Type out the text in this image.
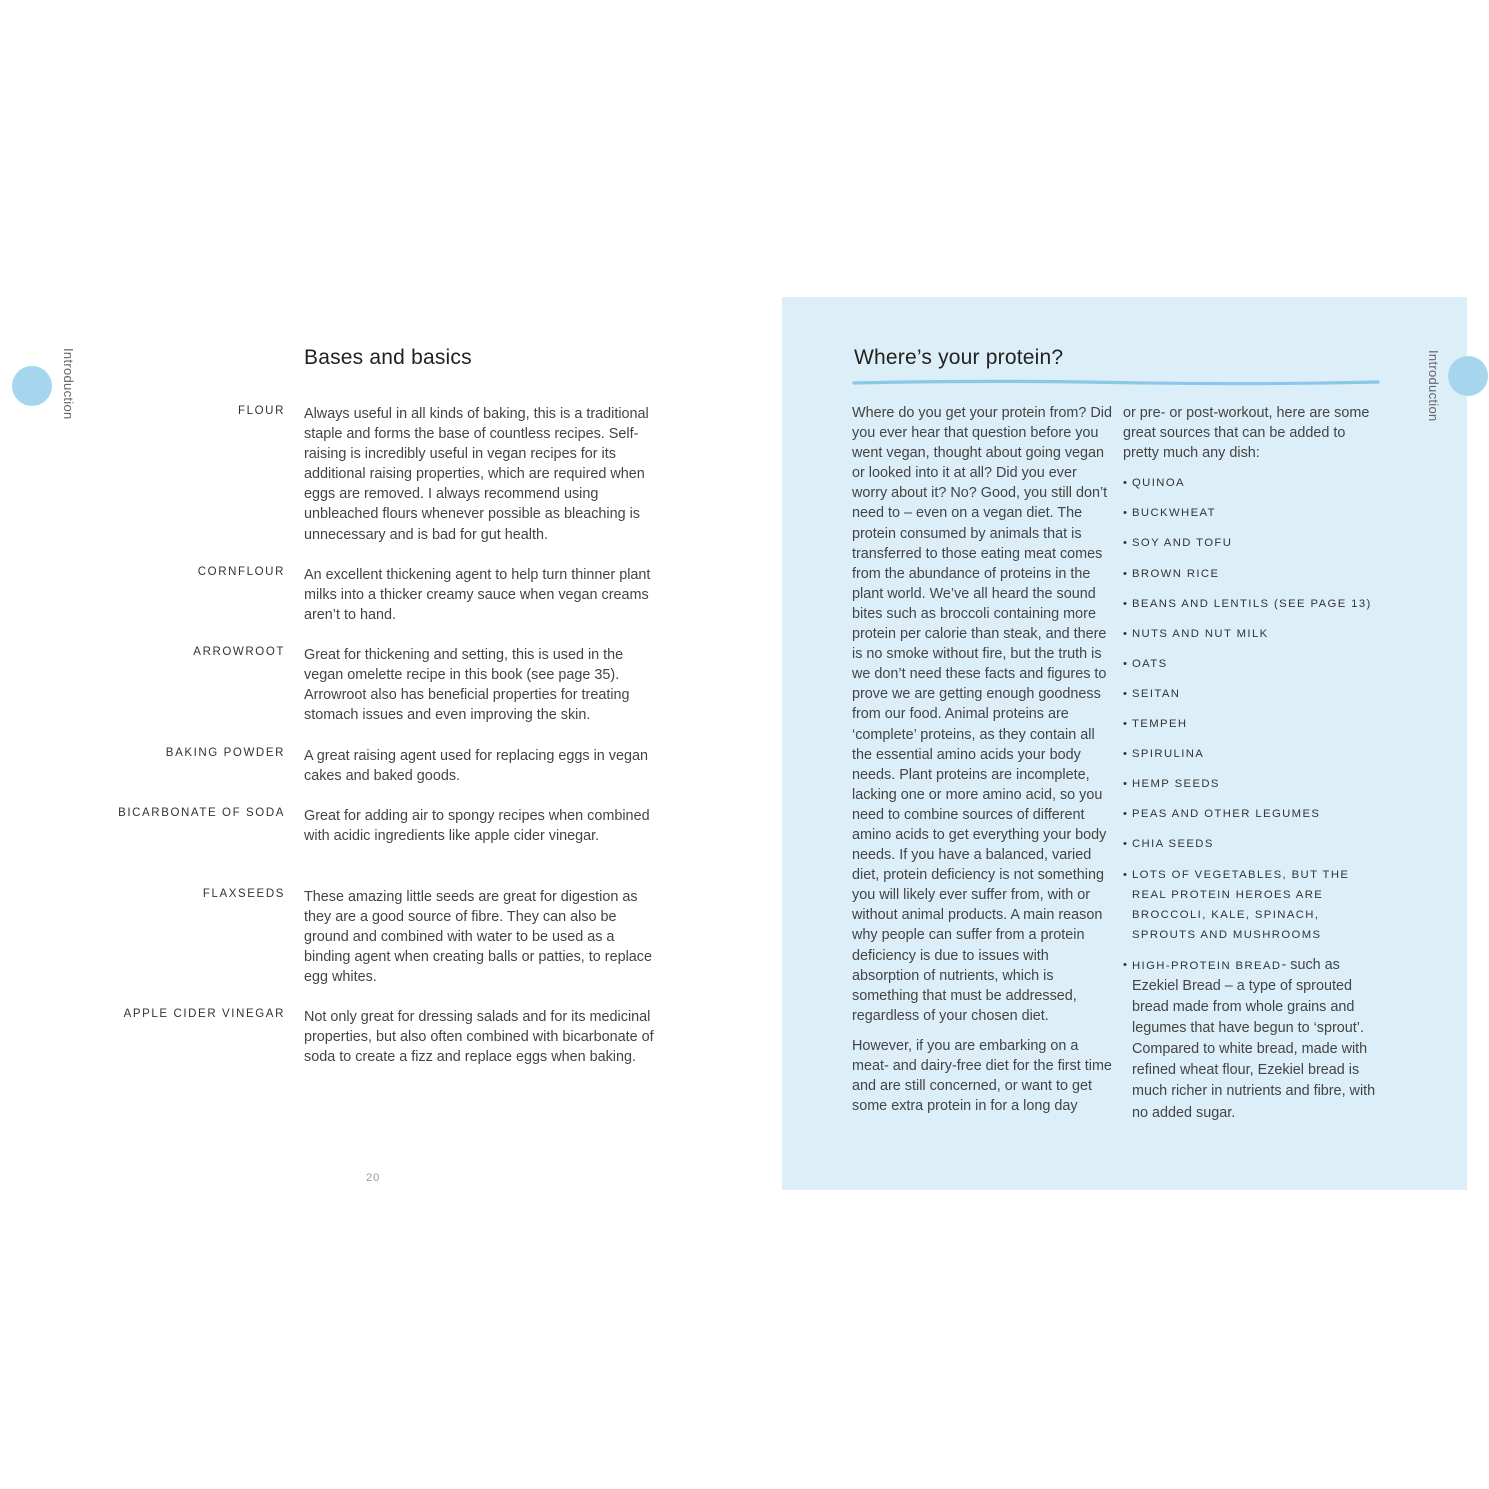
Introduction	Bases and basics
FLOUR Always useful in all kinds of baking, this is a traditional staple and forms the base of countless recipes. Self-raising is incredibly useful in vegan recipes for its additional raising properties, which are required when eggs are removed. I always recommend using unbleached flours whenever possible as bleaching is unnecessary and is bad for gut health.

CORNFLOUR An excellent thickening agent to help turn thinner plant milks into a thicker creamy sauce when vegan creams aren’t to hand.

ARROWROOT Great for thickening and setting, this is used in the vegan omelette recipe in this book (see page 35). Arrowroot also has beneficial properties for treating stomach issues and even improving the skin.

BAKING POWDER A great raising agent used for replacing eggs in vegan cakes and baked goods.

BICARBONATE OF SODA Great for adding air to spongy recipes when combined with acidic ingredients like apple cider vinegar.

FLAXSEEDS These amazing little seeds are great for digestion as they are a good source of fibre. They can also be ground and combined with water to be used as a binding agent when creating balls or patties, to replace egg whites.

APPLE CIDER VINEGAR Not only great for dressing salads and for its medicinal properties, but also often combined with bicarbonate of soda to create a fizz and replace eggs when baking.

20
Introduction
Where’s your protein?

Where do you get your protein from? Did you ever hear that question before you went vegan, thought about going vegan or looked into it at all? Did you ever worry about it? No? Good, you still don’t need to – even on a vegan diet. The protein consumed by animals that is transferred to those eating meat comes from the abundance of proteins in the plant world. We’ve all heard the sound bites such as broccoli containing more protein per calorie than steak, and there is no smoke without fire, but the truth is we don’t need these facts and figures to prove we are getting enough goodness from our food. Animal proteins are ‘complete’ proteins, as they contain all the essential amino acids your body needs. Plant proteins are incomplete, lacking one or more amino acid, so you need to combine sources of different amino acids to get everything your body needs. If you have a balanced, varied diet, protein deficiency is not something you will likely ever suffer from, with or without animal products. A main reason why people can suffer from a protein deficiency is due to issues with absorption of nutrients, which is something that must be addressed, regardless of your chosen diet.

However, if you are embarking on a meat- and dairy-free diet for the first time and are still concerned, or want to get some extra protein in for a long day

or pre- or post-workout, here are some great sources that can be added to pretty much any dish:

• QUINOA
• BUCKWHEAT
• SOY AND TOFU
• BROWN RICE
• BEANS AND LENTILS (SEE PAGE 13)
• NUTS AND NUT MILK
• OATS
• SEITAN
• TEMPEH
• SPIRULINA
• HEMP SEEDS
• PEAS AND OTHER LEGUMES
• CHIA SEEDS
• LOTS OF VEGETABLES, BUT THE REAL PROTEIN HEROES ARE BROCCOLI, KALE, SPINACH, SPROUTS AND MUSHROOMS
• HIGH-PROTEIN BREAD- such as Ezekiel Bread – a type of sprouted bread made from whole grains and legumes that have begun to ‘sprout’. Compared to white bread, made with refined wheat flour, Ezekiel bread is much richer in nutrients and fibre, with no added sugar.
